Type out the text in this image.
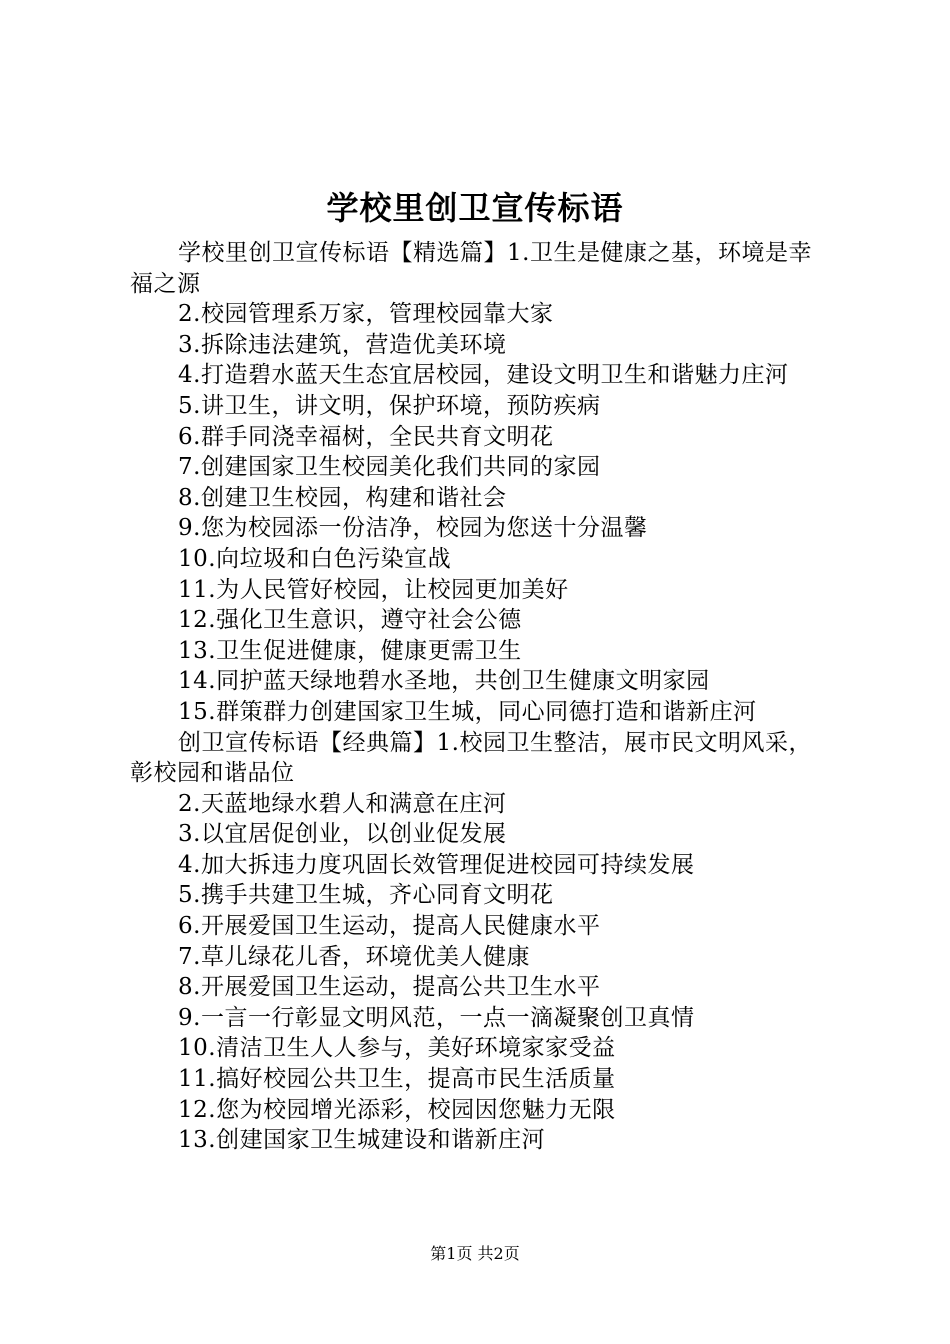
学校里创卫宣传标语

学校里创卫宣传标语【精选篇】1.卫生是健康之基，环境是幸福之源

2.校园管理系万家，管理校园靠大家

3.拆除违法建筑，营造优美环境

4.打造碧水蓝天生态宜居校园，建设文明卫生和谐魅力庄河

5.讲卫生，讲文明，保护环境，预防疾病

6.群手同浇幸福树，全民共育文明花

7.创建国家卫生校园美化我们共同的家园

8.创建卫生校园，构建和谐社会

9.您为校园添一份洁净，校园为您送十分温馨

10.向垃圾和白色污染宣战

11.为人民管好校园，让校园更加美好

12.强化卫生意识，遵守社会公德

13.卫生促进健康，健康更需卫生

14.同护蓝天绿地碧水圣地，共创卫生健康文明家园

15.群策群力创建国家卫生城，同心同德打造和谐新庄河

创卫宣传标语【经典篇】1.校园卫生整洁，展市民文明风采，彰校园和谐品位

2.天蓝地绿水碧人和满意在庄河

3.以宜居促创业，以创业促发展

4.加大拆违力度巩固长效管理促进校园可持续发展

5.携手共建卫生城，齐心同育文明花

6.开展爱国卫生运动，提高人民健康水平

7.草儿绿花儿香，环境优美人健康

8.开展爱国卫生运动，提高公共卫生水平

9.一言一行彰显文明风范，一点一滴凝聚创卫真情

10.清洁卫生人人参与，美好环境家家受益

11.搞好校园公共卫生，提高市民生活质量

12.您为校园增光添彩，校园因您魅力无限

13.创建国家卫生城建设和谐新庄河

第1页 共2页
